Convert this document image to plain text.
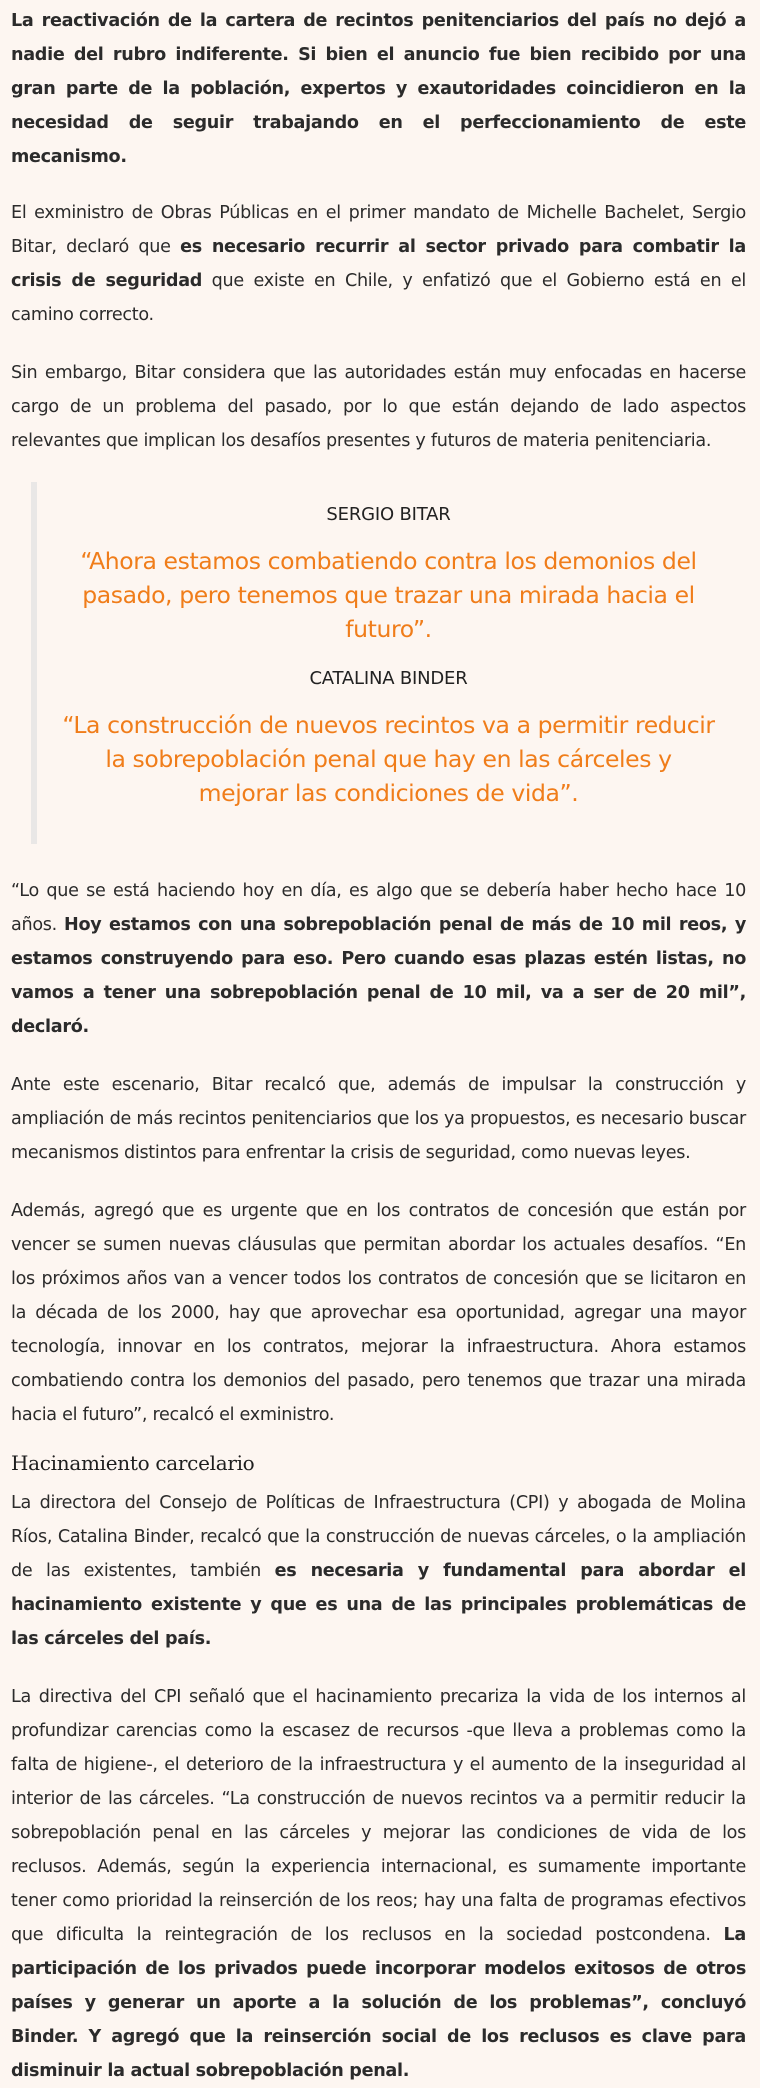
La reactivación de la cartera de recintos penitenciarios del país no dejó a nadie del rubro indiferente. Si bien el anuncio fue bien recibido por una gran parte de la población, expertos y exautoridades coincidieron en la necesidad de seguir trabajando en el perfeccionamiento de este mecanismo.

El exministro de Obras Públicas en el primer mandato de Michelle Bachelet, Sergio Bitar, declaró que es necesario recurrir al sector privado para combatir la crisis de seguridad que existe en Chile, y enfatizó que el Gobierno está en el camino correcto.

Sin embargo, Bitar considera que las autoridades están muy enfocadas en hacerse cargo de un problema del pasado, por lo que están dejando de lado aspectos relevantes que implican los desafíos presentes y futuros de materia penitenciaria.

SERGIO BITAR
“Ahora estamos combatiendo contra los demonios del pasado, pero tenemos que trazar una mirada hacia el futuro”.
CATALINA BINDER
“La construcción de nuevos recintos va a permitir reducir la sobrepoblación penal que hay en las cárceles y mejorar las condiciones de vida”.

“Lo que se está haciendo hoy en día, es algo que se debería haber hecho hace 10 años. Hoy estamos con una sobrepoblación penal de más de 10 mil reos, y estamos construyendo para eso. Pero cuando esas plazas estén listas, no vamos a tener una sobrepoblación penal de 10 mil, va a ser de 20 mil”, declaró.

Ante este escenario, Bitar recalcó que, además de impulsar la construcción y ampliación de más recintos penitenciarios que los ya propuestos, es necesario buscar mecanismos distintos para enfrentar la crisis de seguridad, como nuevas leyes.

Además, agregó que es urgente que en los contratos de concesión que están por vencer se sumen nuevas cláusulas que permitan abordar los actuales desafíos. “En los próximos años van a vencer todos los contratos de concesión que se licitaron en la década de los 2000, hay que aprovechar esa oportunidad, agregar una mayor tecnología, innovar en los contratos, mejorar la infraestructura. Ahora estamos combatiendo contra los demonios del pasado, pero tenemos que trazar una mirada hacia el futuro”, recalcó el exministro.

Hacinamiento carcelario

La directora del Consejo de Políticas de Infraestructura (CPI) y abogada de Molina Ríos, Catalina Binder, recalcó que la construcción de nuevas cárceles, o la ampliación de las existentes, también es necesaria y fundamental para abordar el hacinamiento existente y que es una de las principales problemáticas de las cárceles del país.

La directiva del CPI señaló que el hacinamiento precariza la vida de los internos al profundizar carencias como la escasez de recursos -que lleva a problemas como la falta de higiene-, el deterioro de la infraestructura y el aumento de la inseguridad al interior de las cárceles. “La construcción de nuevos recintos va a permitir reducir la sobrepoblación penal en las cárceles y mejorar las condiciones de vida de los reclusos. Además, según la experiencia internacional, es sumamente importante tener como prioridad la reinserción de los reos; hay una falta de programas efectivos que dificulta la reintegración de los reclusos en la sociedad postcondena. La participación de los privados puede incorporar modelos exitosos de otros países y generar un aporte a la solución de los problemas”, concluyó Binder. Y agregó que la reinserción social de los reclusos es clave para disminuir la actual sobrepoblación penal.
